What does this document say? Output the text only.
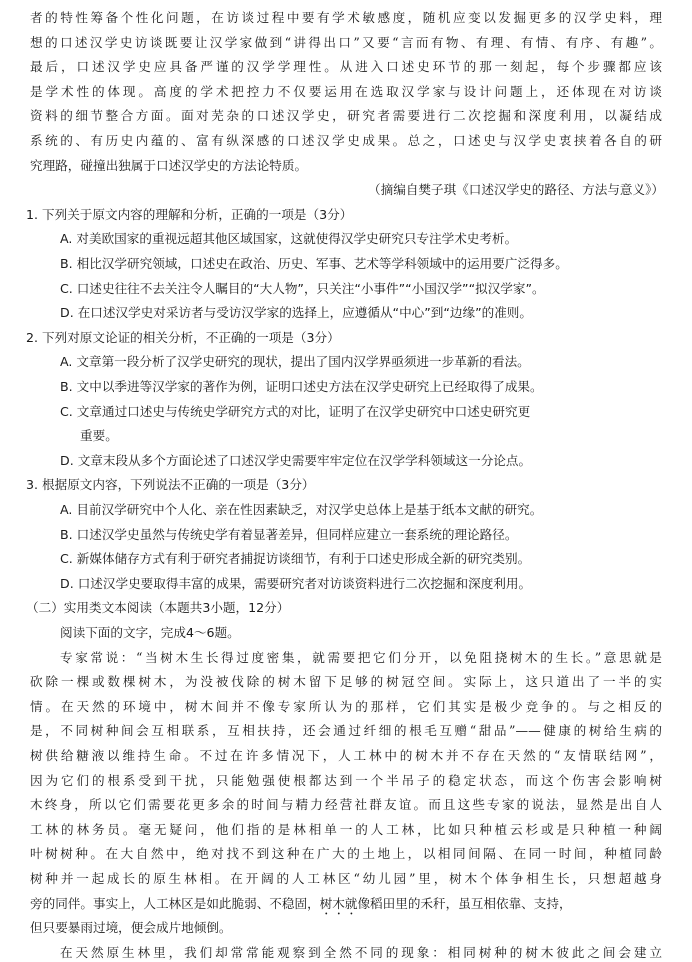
者的特性筹备个性化问题，在访谈过程中要有学术敏感度，随机应变以发掘更多的汉学史料，理
想的口述汉学史访谈既要让汉学家做到“讲得出口”又要“言而有物、有理、有情、有序、有趣”。
最后，口述汉学史应具备严谨的汉学学理性。从进入口述史环节的那一刻起，每个步骤都应该
是学术性的体现。高度的学术把控力不仅要运用在选取汉学家与设计问题上，还体现在对访谈
资料的细节整合方面。面对芜杂的口述汉学史，研究者需要进行二次挖掘和深度利用，以凝结成
系统的、有历史内蕴的、富有纵深感的口述汉学史成果。总之，口述史与汉学史衷挟着各自的研
究理路，碰撞出独属于口述汉学史的方法论特质。
（摘编自樊子琪《口述汉学史的路径、方法与意义》）
1. 下列关于原文内容的理解和分析，正确的一项是（3分）
A. 对美欧国家的重视远超其他区域国家，这就使得汉学史研究只专注学术史考析。
B. 相比汉学研究领域，口述史在政治、历史、军事、艺术等学科领域中的运用要广泛得多。
C. 口述史往往不去关注令人瞩目的“大人物”，只关注“小事件”“小国汉学”“拟汉学家”。
D. 在口述汉学史对采访者与受访汉学家的选择上，应遵循从“中心”到“边缘”的准则。
2. 下列对原文论证的相关分析，不正确的一项是（3分）
A. 文章第一段分析了汉学史研究的现状，提出了国内汉学界亟须进一步革新的看法。
B. 文中以季进等汉学家的著作为例，证明口述史方法在汉学史研究上已经取得了成果。
C. 文章通过口述史与传统史学研究方式的对比，证明了在汉学史研究中口述史研究更
重要。
D. 文章末段从多个方面论述了口述汉学史需要牢牢定位在汉学学科领域这一分论点。
3. 根据原文内容，下列说法不正确的一项是（3分）
A. 目前汉学研究中个人化、亲在性因素缺乏，对汉学史总体上是基于纸本文献的研究。
B. 口述汉学史虽然与传统史学有着显著差异，但同样应建立一套系统的理论路径。
C. 新媒体储存方式有利于研究者捕捉访谈细节，有利于口述史形成全新的研究类别。
D. 口述汉学史要取得丰富的成果，需要研究者对访谈资料进行二次挖掘和深度利用。
（二）实用类文本阅读（本题共3小题，12分）
阅读下面的文字，完成4～6题。
专家常说：“当树木生长得过度密集，就需要把它们分开，以免阻挠树木的生长。”意思就是
砍除一棵或数棵树木，为没被伐除的树木留下足够的树冠空间。实际上，这只道出了一半的实
情。在天然的环境中，树木间并不像专家所认为的那样，它们其实是极少竞争的。与之相反的
是，不同树种间会互相联系，互相扶持，还会通过纤细的根毛互赠“甜品”——健康的树给生病的
树供给糖液以维持生命。不过在许多情况下，人工林中的树木并不存在天然的“友情联结网”，
因为它们的根系受到干扰，只能勉强使根都达到一个半吊子的稳定状态，而这个伤害会影响树
木终身，所以它们需要花更多余的时间与精力经营社群友谊。而且这些专家的说法，显然是出自人
工林的林务员。毫无疑问，他们指的是林相单一的人工林，比如只种植云杉或是只种植一种阔
叶树树种。在大自然中，绝对找不到这种在广大的土地上，以相同间隔、在同一时间，种植同龄
树种并一起成长的原生林相。在开阔的人工林区“幼儿园”里，树木个体争相生长，只想超越身
旁的同伴。事实上，人工林区是如此脆弱、不稳固，树木就像稻田里的禾秆，虽互相依靠、支持，
但只要暴雨过境，便会成片地倾倒。
在天然原生林里，我们却常常能观察到全然不同的现象：相同树种的树木彼此之间会建立
